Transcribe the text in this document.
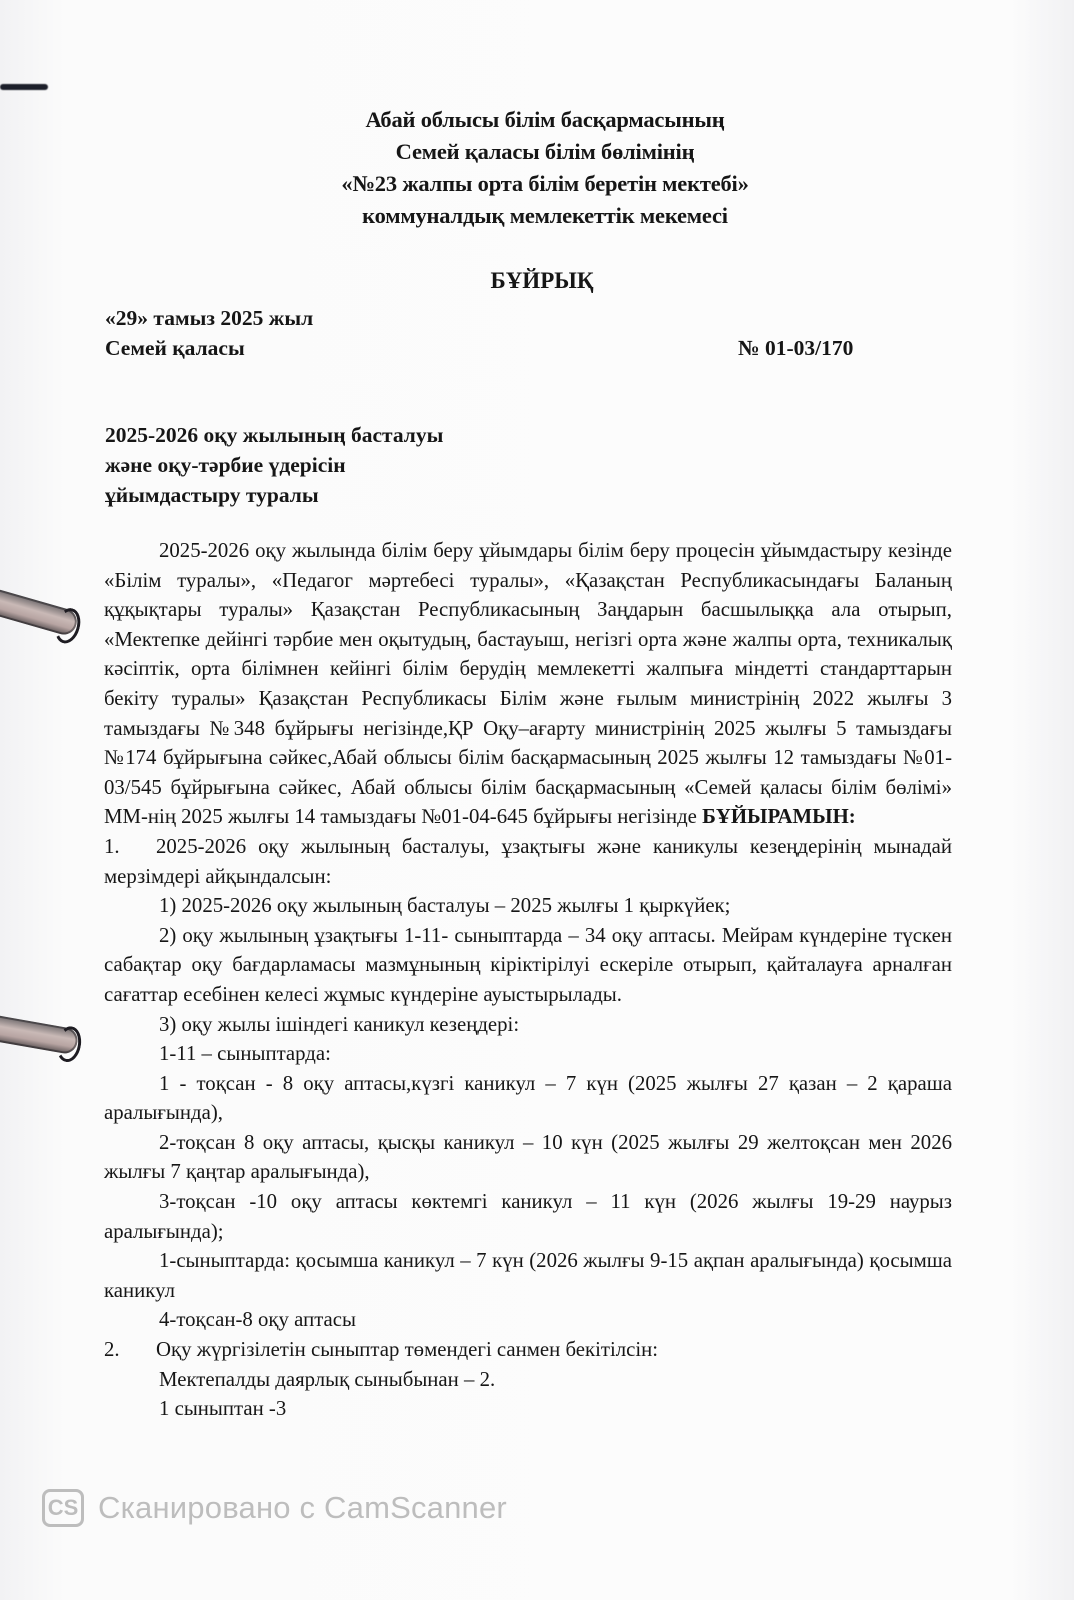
Абай облысы білім басқармасының
Семей қаласы білім бөлімінің
«№23 жалпы орта білім беретін мектебі»
коммуналдық мемлекеттік мекемесі
БҰЙРЫҚ
«29» тамыз 2025 жыл
Семей қаласы	№ 01-03/170
2025-2026 оқу жылының басталуы
және оқу-тәрбие үдерісін
ұйымдастыру туралы

2025-2026 оқу жылында білім беру ұйымдары білім беру процесін ұйымдастыру кезінде «Білім туралы», «Педагог мәртебесі туралы», «Қазақстан Республикасындағы Баланың құқықтары туралы» Қазақстан Республикасының Заңдарын басшылыққа ала отырып, «Мектепке дейінгі тәрбие мен оқытудың, бастауыш, негізгі орта және жалпы орта, техникалық кәсіптік, орта білімнен кейінгі білім берудің мемлекетті жалпыға міндетті стандарттарын бекіту туралы» Қазақстан Республикасы Білім және ғылым министрінің 2022 жылғы 3 тамыздағы №348 бұйрығы негізінде,ҚР Оқу–ағарту министрінің 2025 жылғы 5 тамыздағы №174 бұйрығына сәйкес,Абай облысы білім басқармасының 2025 жылғы 12 тамыздағы №01-03/545 бұйрығына сәйкес, Абай облысы білім басқармасының «Семей қаласы білім бөлімі» ММ-нің 2025 жылғы 14 тамыздағы №01-04-645 бұйрығы негізінде БҰЙЫРАМЫН:

1. 2025-2026 оқу жылының басталуы, ұзақтығы және каникулы кезеңдерінің мынадай мерзімдері айқындалсын:

1) 2025-2026 оқу жылының басталуы – 2025 жылғы 1 қыркүйек;

2) оқу жылының ұзақтығы 1-11- сыныптарда – 34 оқу аптасы. Мейрам күндеріне түскен сабақтар оқу бағдарламасы мазмұнының кіріктірілуі ескеріле отырып, қайталауға арналған сағаттар есебінен келесі жұмыс күндеріне ауыстырылады.

3) оқу жылы ішіндегі каникул кезеңдері:

1-11 – сыныптарда:

1 - тоқсан - 8 оқу аптасы,күзгі каникул – 7 күн (2025 жылғы 27 қазан – 2 қараша аралығында),

2-тоқсан 8 оқу аптасы, қысқы каникул – 10 күн (2025 жылғы 29 желтоқсан мен 2026 жылғы 7 қаңтар аралығында),

3-тоқсан -10 оқу аптасы көктемгі каникул – 11 күн (2026 жылғы 19-29 наурыз аралығында);

1-сыныптарда: қосымша каникул – 7 күн (2026 жылғы 9-15 ақпан аралығында) қосымша каникул

4-тоқсан-8 оқу аптасы

2. Оқу жүргізілетін сыныптар төмендегі санмен бекітілсін:

Мектепалды даярлық сыныбынан – 2.

1 сыныптан -3

CS Сканировано с CamScanner
